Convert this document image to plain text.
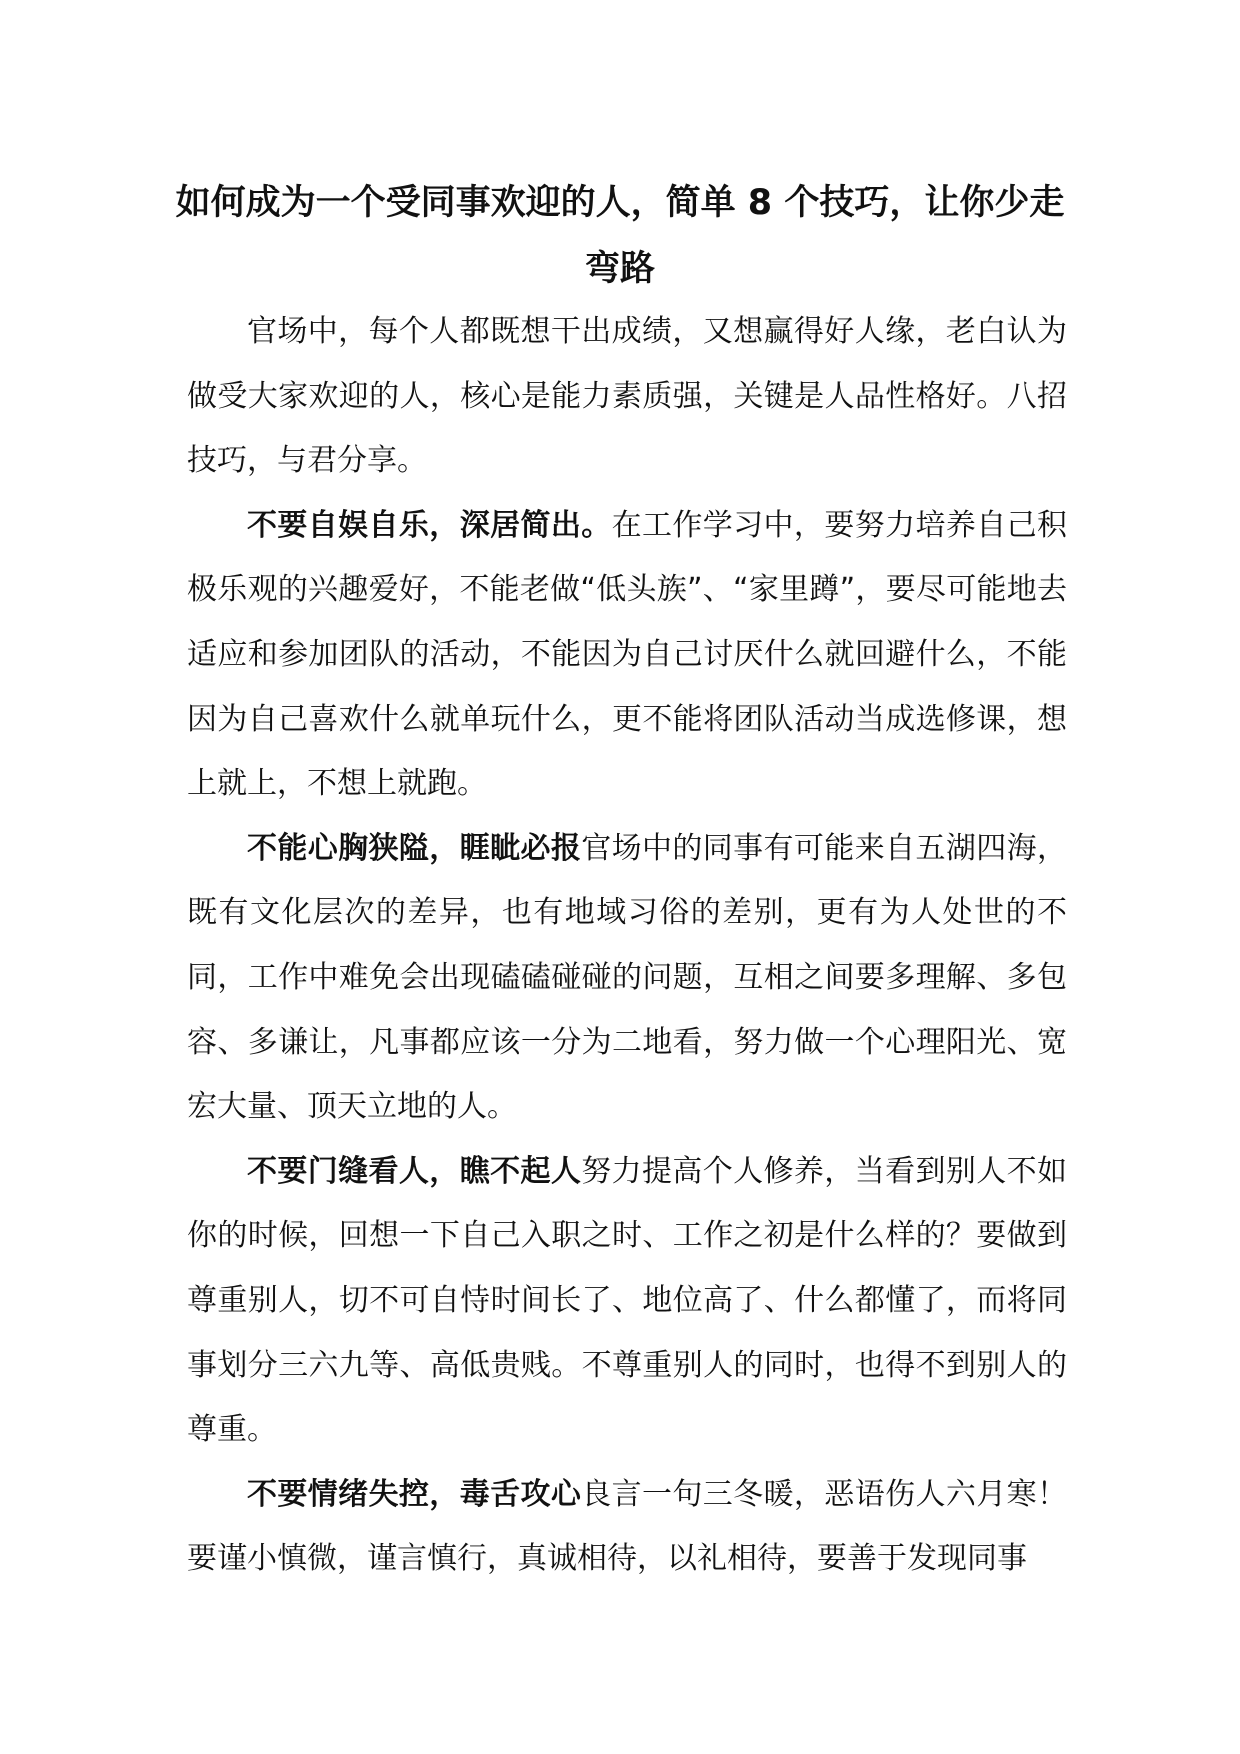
如何成为一个受同事欢迎的人，简单 8 个技巧，让你少走弯路

官场中，每个人都既想干出成绩，又想赢得好人缘，老白认为做受大家欢迎的人，核心是能力素质强，关键是人品性格好。八招技巧，与君分享。

不要自娱自乐，深居简出。在工作学习中，要努力培养自己积极乐观的兴趣爱好，不能老做“低头族”、“家里蹲”，要尽可能地去适应和参加团队的活动，不能因为自己讨厌什么就回避什么，不能因为自己喜欢什么就单玩什么，更不能将团队活动当成选修课，想上就上，不想上就跑。

不能心胸狭隘，睚眦必报官场中的同事有可能来自五湖四海，既有文化层次的差异，也有地域习俗的差别，更有为人处世的不同，工作中难免会出现磕磕碰碰的问题，互相之间要多理解、多包容、多谦让，凡事都应该一分为二地看，努力做一个心理阳光、宽宏大量、顶天立地的人。

不要门缝看人，瞧不起人努力提高个人修养，当看到别人不如你的时候，回想一下自己入职之时、工作之初是什么样的？要做到尊重别人，切不可自恃时间长了、地位高了、什么都懂了，而将同事划分三六九等、高低贵贱。不尊重别人的同时，也得不到别人的尊重。

不要情绪失控，毒舌攻心良言一句三冬暖，恶语伤人六月寒！要谨小慎微，谨言慎行，真诚相待，以礼相待，要善于发现同事
